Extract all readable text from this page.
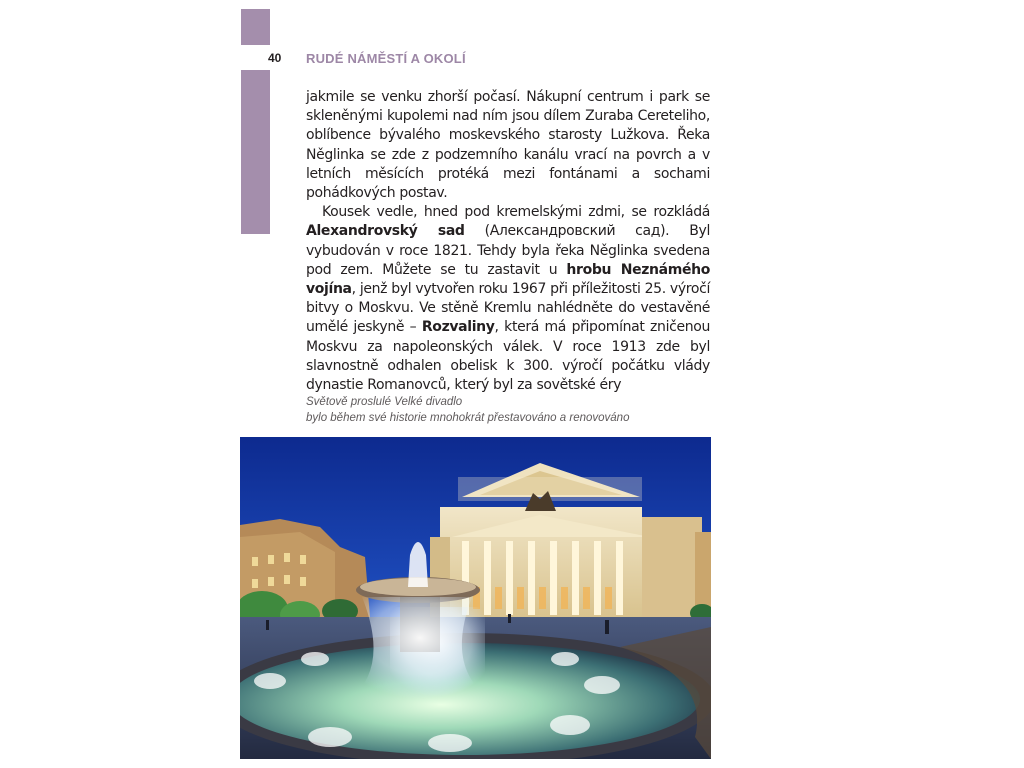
40 RUDÉ NÁMĚSTÍ A OKOLÍ

jakmile se venku zhorší počasí. Nákupní centrum i park se skleněnými kupolemi nad ním jsou dílem Zuraba Cereteliho, oblíbence bývalého moskevského starosty Lužkova. Řeka Něglinka se zde z podzemního kanálu vrací na povrch a v letních měsících protéká mezi fontánami a sochami pohádkových postav.

Kousek vedle, hned pod kremelskými zdmi, se rozkládá Alexandrovský sad (Александровский сад). Byl vybudován v roce 1821. Tehdy byla řeka Něglinka svedena pod zem. Můžete se tu zastavit u hrobu Neznámého vojína, jenž byl vytvořen roku 1967 při příležitosti 25. výročí bitvy o Moskvu. Ve stěně Kremlu nahlédněte do vestavěné umělé jeskyně – Rozvaliny, která má připomínat zničenou Moskvu za napoleonských válek. V roce 1913 zde byl slavnostně odhalen obelisk k 300. výročí počátku vlády dynastie Romanovců, který byl za sovětské éry

Světově proslulé Velké divadlo
bylo během své historie mnohokrát přestavováno a renovováno
